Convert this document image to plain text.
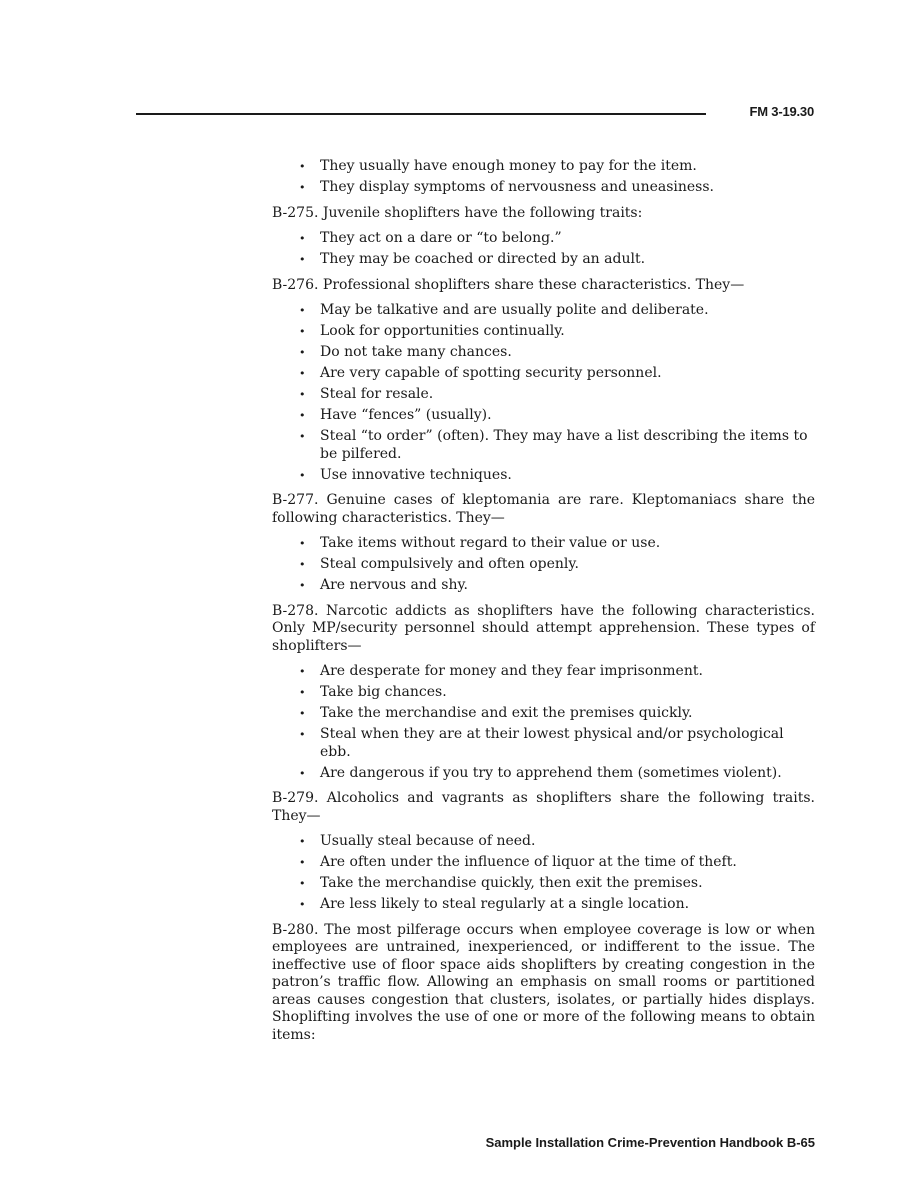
FM 3-19.30
• They usually have enough money to pay for the item.
• They display symptoms of nervousness and uneasiness.

B-275. Juvenile shoplifters have the following traits:

• They act on a dare or “to belong.”
• They may be coached or directed by an adult.

B-276. Professional shoplifters share these characteristics. They—

• May be talkative and are usually polite and deliberate.
• Look for opportunities continually.
• Do not take many chances.
• Are very capable of spotting security personnel.
• Steal for resale.
• Have “fences” (usually).
• Steal “to order” (often). They may have a list describing the items to be pilfered.
• Use innovative techniques.

B-277. Genuine cases of kleptomania are rare. Kleptomaniacs share the following characteristics. They—

• Take items without regard to their value or use.
• Steal compulsively and often openly.
• Are nervous and shy.

B-278. Narcotic addicts as shoplifters have the following characteristics. Only MP/security personnel should attempt apprehension. These types of shoplifters—

• Are desperate for money and they fear imprisonment.
• Take big chances.
• Take the merchandise and exit the premises quickly.
• Steal when they are at their lowest physical and/or psychological ebb.
• Are dangerous if you try to apprehend them (sometimes violent).

B-279. Alcoholics and vagrants as shoplifters share the following traits. They—

• Usually steal because of need.
• Are often under the influence of liquor at the time of theft.
• Take the merchandise quickly, then exit the premises.
• Are less likely to steal regularly at a single location.

B-280. The most pilferage occurs when employee coverage is low or when employees are untrained, inexperienced, or indifferent to the issue. The ineffective use of floor space aids shoplifters by creating congestion in the patron’s traffic flow. Allowing an emphasis on small rooms or partitioned areas causes congestion that clusters, isolates, or partially hides displays. Shoplifting involves the use of one or more of the following means to obtain items:

Sample Installation Crime-Prevention Handbook B-65
